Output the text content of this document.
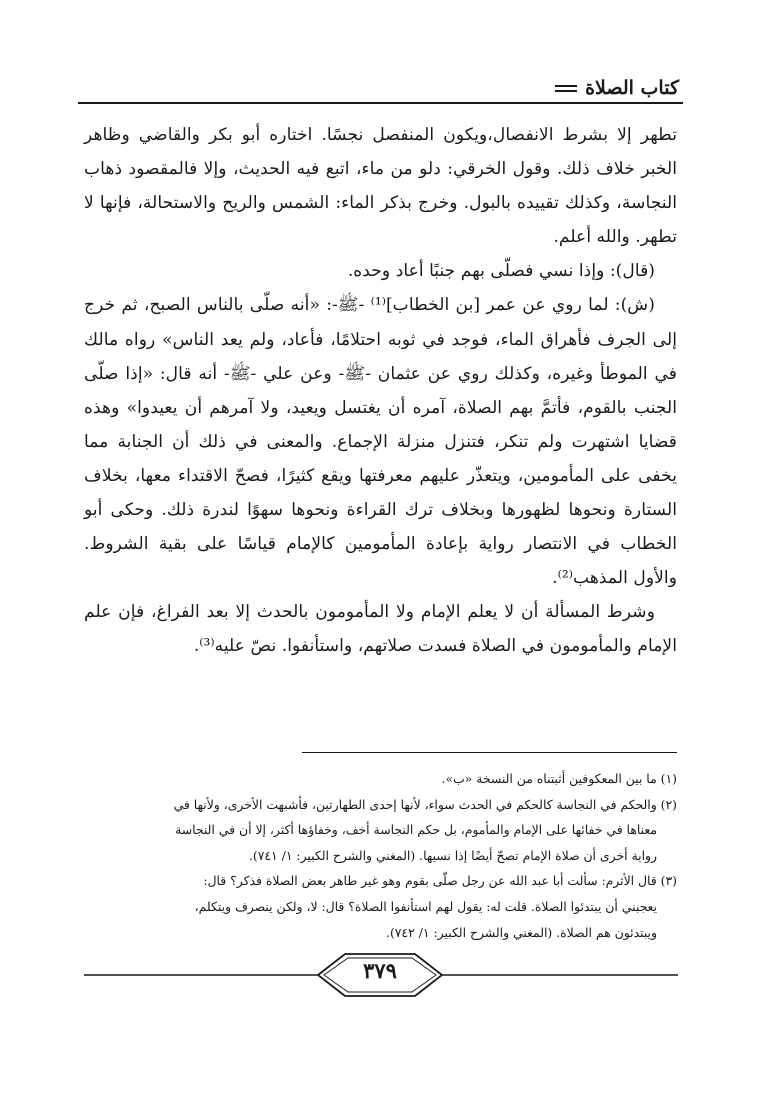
كتاب الصلاة

تطهر إلا بشرط الانفصال،ويكون المنفصل نجسًا. اختاره أبو بكر والقاضي وظاهر الخبر خلاف ذلك. وقول الخرقي: دلو من ماء، اتبع فيه الحديث، وإلا فالمقصود ذهاب النجاسة، وكذلك تقييده بالبول. وخرج بذكر الماء: الشمس والريح والاستحالة، فإنها لا تطهر. والله أعلم.

(قال): وإذا نسي فصلّى بهم جنبًا أعاد وحده.

(ش): لما روي عن عمر [بن الخطاب]⁽¹⁾ -ﷺ-: «أنه صلّى بالناس الصبح، ثم خرج إلى الجرف فأهراق الماء، فوجد في ثوبه احتلامًا، فأعاد، ولم يعد الناس» رواه مالك في الموطأ وغيره، وكذلك روي عن عثمان -ﷺ- وعن علي -ﷺ- أنه قال: «إذا صلّى الجنب بالقوم، فأتمَّ بهم الصلاة، آمره أن يغتسل ويعيد، ولا آمرهم أن يعيدوا» وهذه قضايا اشتهرت ولم تنكر، فتنزل منزلة الإجماع. والمعنى في ذلك أن الجنابة مما يخفى على المأمومين، ويتعذّر عليهم معرفتها ويقع كثيرًا، فصحّ الاقتداء معها، بخلاف الستارة ونحوها لظهورها وبخلاف ترك القراءة ونحوها سهوًا لندرة ذلك. وحكى أبو الخطاب في الانتصار رواية بإعادة المأمومين كالإمام قياسًا على بقية الشروط. والأول المذهب⁽²⁾.

وشرط المسألة أن لا يعلم الإمام ولا المأمومون بالحدث إلا بعد الفراغ، فإن علم الإمام والمأمومون في الصلاة فسدت صلاتهم، واستأنفوا. نصّ عليه⁽³⁾.

(١) ما بين المعكوفين أثبتناه من النسخة «ب».

(٢) والحكم في النجاسة كالحكم في الحدث سواء، لأنها إحدى الطهارتين، فأشبهت الأخرى، ولأنها في

معناها في خفائها على الإمام والمأموم، بل حكم النجاسة أخف، وخفاؤها أكثر، إلا أن في النجاسة

رواية أخرى أن صلاة الإمام تصحّ أيضًا إذا نسيها. (المغني والشرح الكبير: ١/ ٧٤١).

(٣) قال الأثرم: سألت أبا عبد الله عن رجل صلّى بقوم وهو غير طاهر بعض الصلاة فذكر؟ قال:

يعجبني أن يبتدئوا الصلاة. قلت له: يقول لهم استأنفوا الصلاة؟ قال: لا، ولكن ينصرف ويتكلم،

ويبتدئون هم الصلاة. (المغني والشرح الكبير: ١/ ٧٤٢).

٣٧٩
